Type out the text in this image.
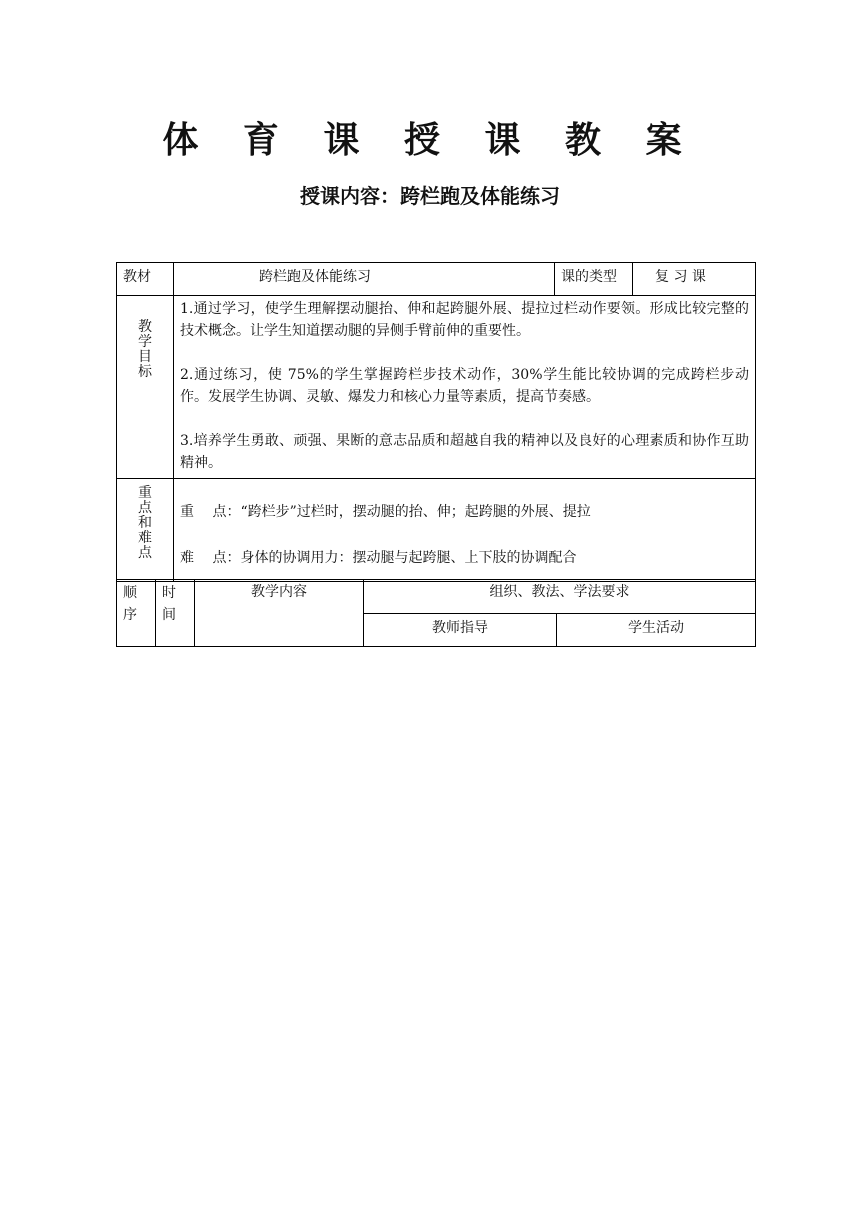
体 育 课 授 课 教 案
授课内容：跨栏跑及体能练习
教材	跨栏跑及体能练习	课的类型	复 习 课

教学目标	1.通过学习，使学生理解摆动腿抬、伸和起跨腿外展、提拉过栏动作要领。形成比较完整的技术概念。让学生知道摆动腿的异侧手臂前伸的重要性。

2.通过练习，使 75%的学生掌握跨栏步技术动作，30%学生能比较协调的完成跨栏步动作。发展学生协调、灵敏、爆发力和核心力量等素质，提高节奏感。

3.培养学生勇敢、顽强、果断的意志品质和超越自我的精神以及良好的心理素质和协作互助精神。		

重点和难点	重　 点：“跨栏步”过栏时，摆动腿的抬、伸；起跨腿的外展、提拉

难　 点：身体的协调用力：摆动腿与起跨腿、上下肢的协调配合		

顺序	时间	教学内容	组织、教法、学法要求	

			教师指导	学生活动
